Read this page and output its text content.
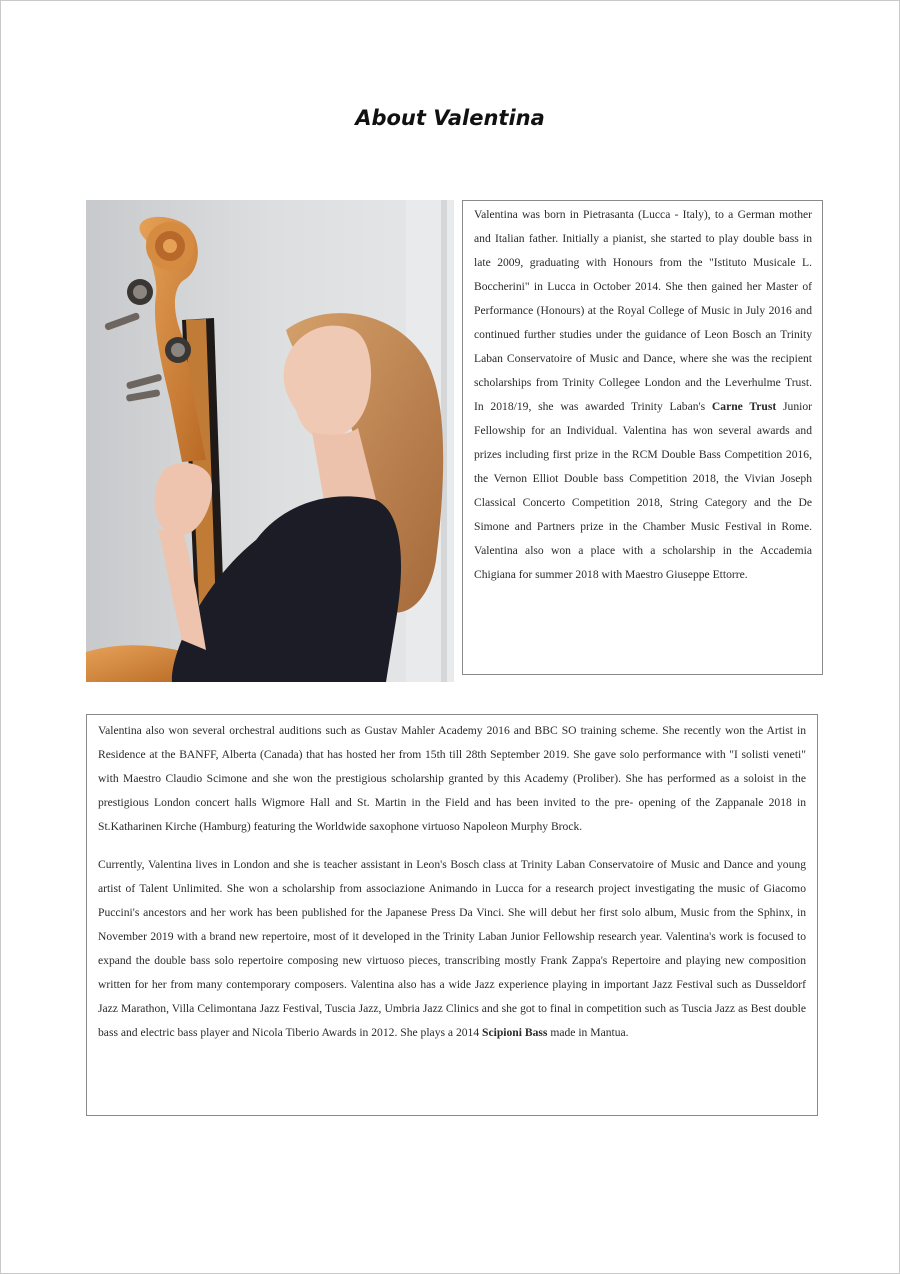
About Valentina
Valentina was born in Pietrasanta (Lucca - Italy), to a German mother and Italian father. Initially a pianist, she started to play double bass in late 2009, graduating with Honours from the "Istituto Musicale L. Boccherini" in Lucca in October 2014. She then gained her Master of Performance (Honours) at the Royal College of Music in July 2016 and continued further studies under the guidance of Leon Bosch an Trinity Laban Conservatoire of Music and Dance, where she was the recipient scholarships from Trinity Collegee London and the Leverhulme Trust. In 2018/19, she was awarded Trinity Laban's Carne Trust Junior Fellowship for an Individual. Valentina has won several awards and prizes including first prize in the RCM Double Bass Competition 2016, the Vernon Elliot Double bass Competition 2018, the Vivian Joseph Classical Concerto Competition 2018, String Category and the De Simone and Partners prize in the Chamber Music Festival in Rome. Valentina also won a place with a scholarship in the Accademia Chigiana for summer 2018 with Maestro Giuseppe Ettorre.

Valentina also won several orchestral auditions such as Gustav Mahler Academy 2016 and BBC SO training scheme. She recently won the Artist in Residence at the BANFF, Alberta (Canada) that has hosted her from 15th till 28th September 2019. She gave solo performance with "I solisti veneti" with Maestro Claudio Scimone and she won the prestigious scholarship granted by this Academy (Proliber). She has performed as a soloist in the prestigious London concert halls Wigmore Hall and St. Martin in the Field and has been invited to the pre- opening of the Zappanale 2018 in St.Katharinen Kirche (Hamburg) featuring the Worldwide saxophone virtuoso Napoleon Murphy Brock.

Currently, Valentina lives in London and she is teacher assistant in Leon's Bosch class at Trinity Laban Conservatoire of Music and Dance and young artist of Talent Unlimited. She won a scholarship from associazione Animando in Lucca for a research project investigating the music of Giacomo Puccini's ancestors and her work has been published for the Japanese Press Da Vinci. She will debut her first solo album, Music from the Sphinx, in November 2019 with a brand new repertoire, most of it developed in the Trinity Laban Junior Fellowship research year. Valentina's work is focused to expand the double bass solo repertoire composing new virtuoso pieces, transcribing mostly Frank Zappa's Repertoire and playing new composition written for her from many contemporary composers. Valentina also has a wide Jazz experience playing in important Jazz Festival such as Dusseldorf Jazz Marathon, Villa Celimontana Jazz Festival, Tuscia Jazz, Umbria Jazz Clinics and she got to final in competition such as Tuscia Jazz as Best double bass and electric bass player and Nicola Tiberio Awards in 2012. She plays a 2014 Scipioni Bass made in Mantua.
